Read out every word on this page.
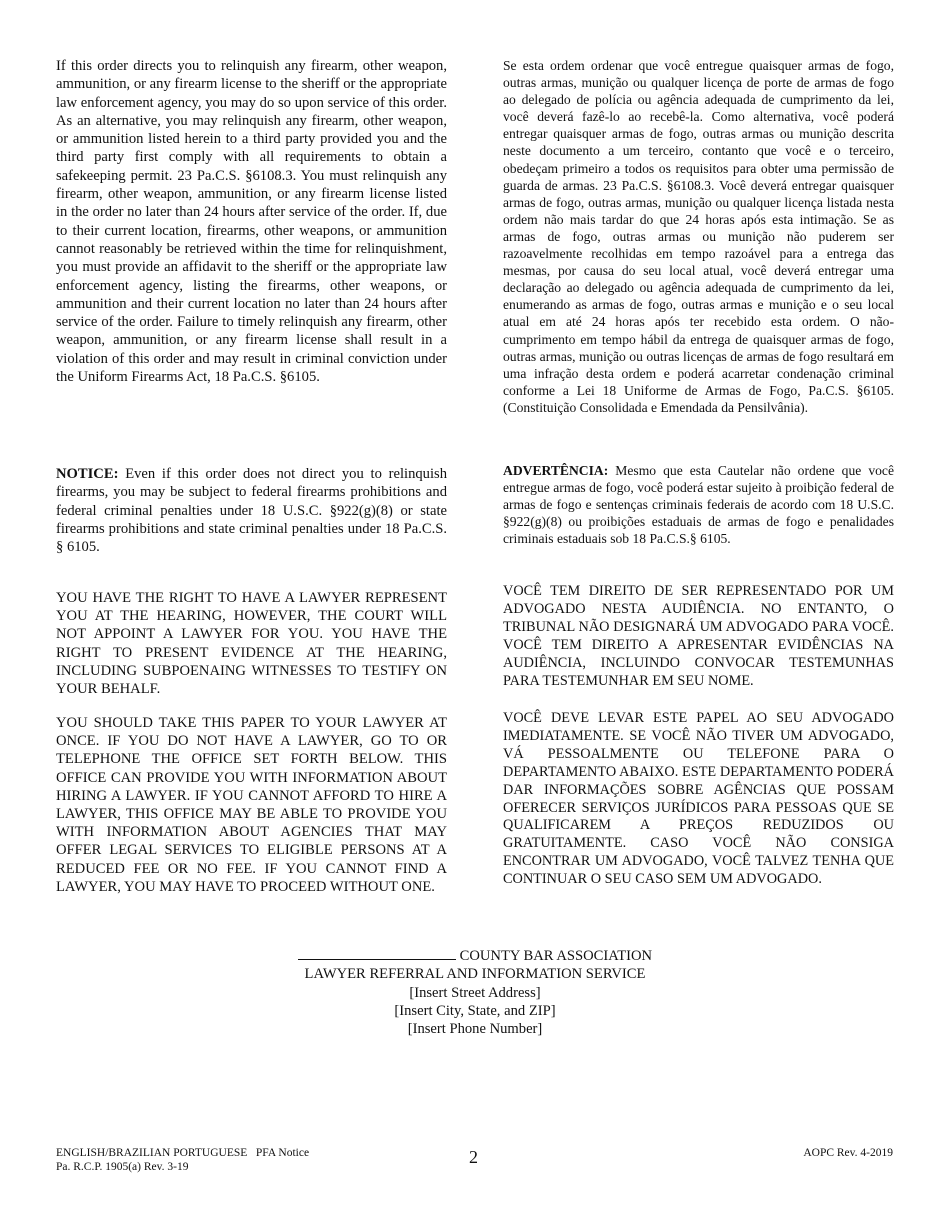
If this order directs you to relinquish any firearm, other weapon, ammunition, or any firearm license to the sheriff or the appropriate law enforcement agency, you may do so upon service of this order. As an alternative, you may relinquish any firearm, other weapon, or ammunition listed herein to a third party provided you and the third party first comply with all requirements to obtain a safekeeping permit. 23 Pa.C.S. §6108.3. You must relinquish any firearm, other weapon, ammunition, or any firearm license listed in the order no later than 24 hours after service of the order. If, due to their current location, firearms, other weapons, or ammunition cannot reasonably be retrieved within the time for relinquishment, you must provide an affidavit to the sheriff or the appropriate law enforcement agency, listing the firearms, other weapons, or ammunition and their current location no later than 24 hours after service of the order. Failure to timely relinquish any firearm, other weapon, ammunition, or any firearm license shall result in a violation of this order and may result in criminal conviction under the Uniform Firearms Act, 18 Pa.C.S. §6105.

NOTICE: Even if this order does not direct you to relinquish firearms, you may be subject to federal firearms prohibitions and federal criminal penalties under 18 U.S.C. §922(g)(8) or state firearms prohibitions and state criminal penalties under 18 Pa.C.S. § 6105.

YOU HAVE THE RIGHT TO HAVE A LAWYER REPRESENT YOU AT THE HEARING, HOWEVER, THE COURT WILL NOT APPOINT A LAWYER FOR YOU. YOU HAVE THE RIGHT TO PRESENT EVIDENCE AT THE HEARING, INCLUDING SUBPOENAING WITNESSES TO TESTIFY ON YOUR BEHALF.

YOU SHOULD TAKE THIS PAPER TO YOUR LAWYER AT ONCE. IF YOU DO NOT HAVE A LAWYER, GO TO OR TELEPHONE THE OFFICE SET FORTH BELOW. THIS OFFICE CAN PROVIDE YOU WITH INFORMATION ABOUT HIRING A LAWYER. IF YOU CANNOT AFFORD TO HIRE A LAWYER, THIS OFFICE MAY BE ABLE TO PROVIDE YOU WITH INFORMATION ABOUT AGENCIES THAT MAY OFFER LEGAL SERVICES TO ELIGIBLE PERSONS AT A REDUCED FEE OR NO FEE. IF YOU CANNOT FIND A LAWYER, YOU MAY HAVE TO PROCEED WITHOUT ONE.

Se esta ordem ordenar que você entregue quaisquer armas de fogo, outras armas, munição ou qualquer licença de porte de armas de fogo ao delegado de polícia ou agência adequada de cumprimento da lei, você deverá fazê-lo ao recebê-la. Como alternativa, você poderá entregar quaisquer armas de fogo, outras armas ou munição descrita neste documento a um terceiro, contanto que você e o terceiro, obedeçam primeiro a todos os requisitos para obter uma permissão de guarda de armas. 23 Pa.C.S. §6108.3. Você deverá entregar quaisquer armas de fogo, outras armas, munição ou qualquer licença listada nesta ordem não mais tardar do que 24 horas após esta intimação. Se as armas de fogo, outras armas ou munição não puderem ser razoavelmente recolhidas em tempo razoável para a entrega das mesmas, por causa do seu local atual, você deverá entregar uma declaração ao delegado ou agência adequada de cumprimento da lei, enumerando as armas de fogo, outras armas e munição e o seu local atual em até 24 horas após ter recebido esta ordem. O não-cumprimento em tempo hábil da entrega de quaisquer armas de fogo, outras armas, munição ou outras licenças de armas de fogo resultará em uma infração desta ordem e poderá acarretar condenação criminal conforme a Lei 18 Uniforme de Armas de Fogo, Pa.C.S. §6105. (Constituição Consolidada e Emendada da Pensilvânia).

ADVERTÊNCIA: Mesmo que esta Cautelar não ordene que você entregue armas de fogo, você poderá estar sujeito à proibição federal de armas de fogo e sentenças criminais federais de acordo com 18 U.S.C. §922(g)(8) ou proibições estaduais de armas de fogo e penalidades criminais estaduais sob 18 Pa.C.S.§ 6105.

VOCÊ TEM DIREITO DE SER REPRESENTADO POR UM ADVOGADO NESTA AUDIÊNCIA. NO ENTANTO, O TRIBUNAL NÃO DESIGNARÁ UM ADVOGADO PARA VOCÊ. VOCÊ TEM DIREITO A APRESENTAR EVIDÊNCIAS NA AUDIÊNCIA, INCLUINDO CONVOCAR TESTEMUNHAS PARA TESTEMUNHAR EM SEU NOME.

VOCÊ DEVE LEVAR ESTE PAPEL AO SEU ADVOGADO IMEDIATAMENTE. SE VOCÊ NÃO TIVER UM ADVOGADO, VÁ PESSOALMENTE OU TELEFONE PARA O DEPARTAMENTO ABAIXO. ESTE DEPARTAMENTO PODERÁ DAR INFORMAÇÕES SOBRE AGÊNCIAS QUE POSSAM OFERECER SERVIÇOS JURÍDICOS PARA PESSOAS QUE SE QUALIFICAREM A PREÇOS REDUZIDOS OU GRATUITAMENTE. CASO VOCÊ NÃO CONSIGA ENCONTRAR UM ADVOGADO, VOCÊ TALVEZ TENHA QUE CONTINUAR O SEU CASO SEM UM ADVOGADO.

COUNTY BAR ASSOCIATION
LAWYER REFERRAL AND INFORMATION SERVICE
[Insert Street Address]
[Insert City, State, and ZIP]
[Insert Phone Number]
ENGLISH/BRAZILIAN PORTUGUESE   PFA Notice
Pa. R.C.P. 1905(a) Rev. 3-19	2	AOPC Rev. 4-2019
